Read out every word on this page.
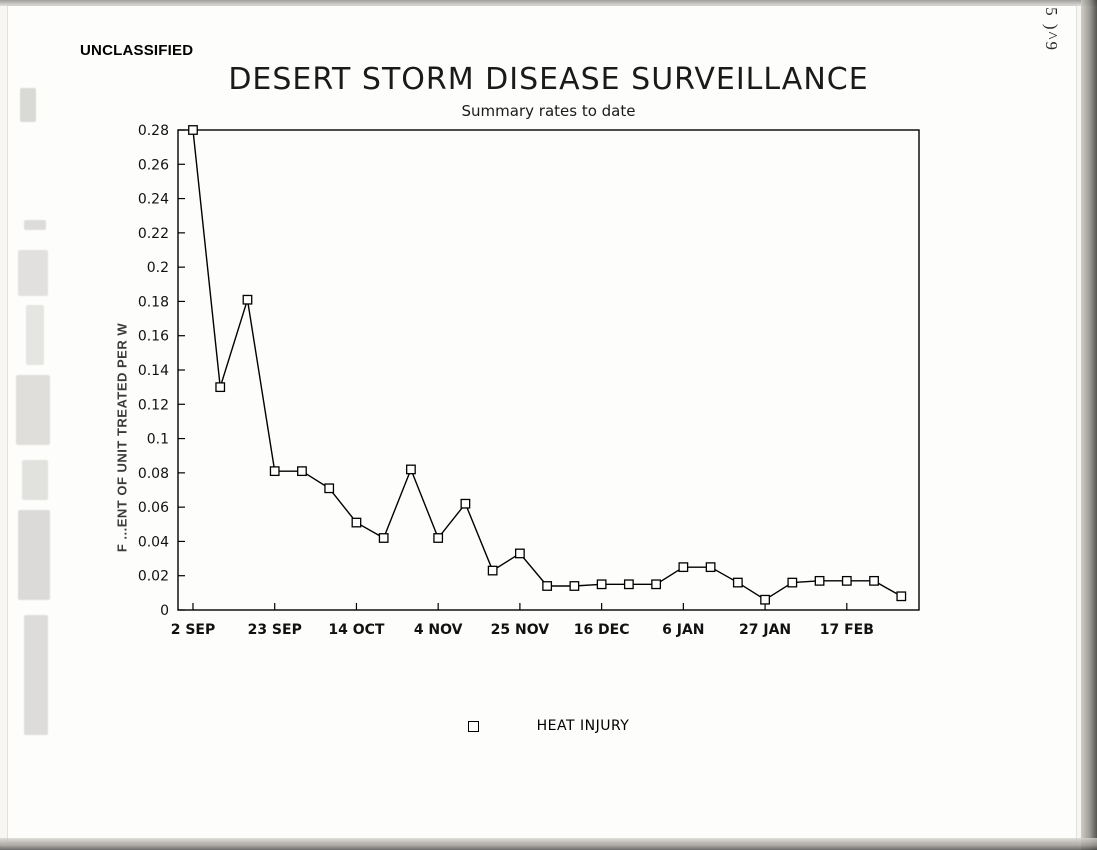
UNCLASSIFIED	5 )^9
DESERT STORM DISEASE SURVEILLANCE
Summary rates to date
F ...ENT OF UNIT TREATED PER W
0
0.02
0.04
0.06
0.08
0.1
0.12
0.14
0.16
0.18
0.2
0.22
0.24
0.26
0.28
2 SEP 23 SEP 14 OCT 4 NOV 25 NOV 16 DEC 6 JAN 27 JAN 17 FEB
HEAT INJURY
